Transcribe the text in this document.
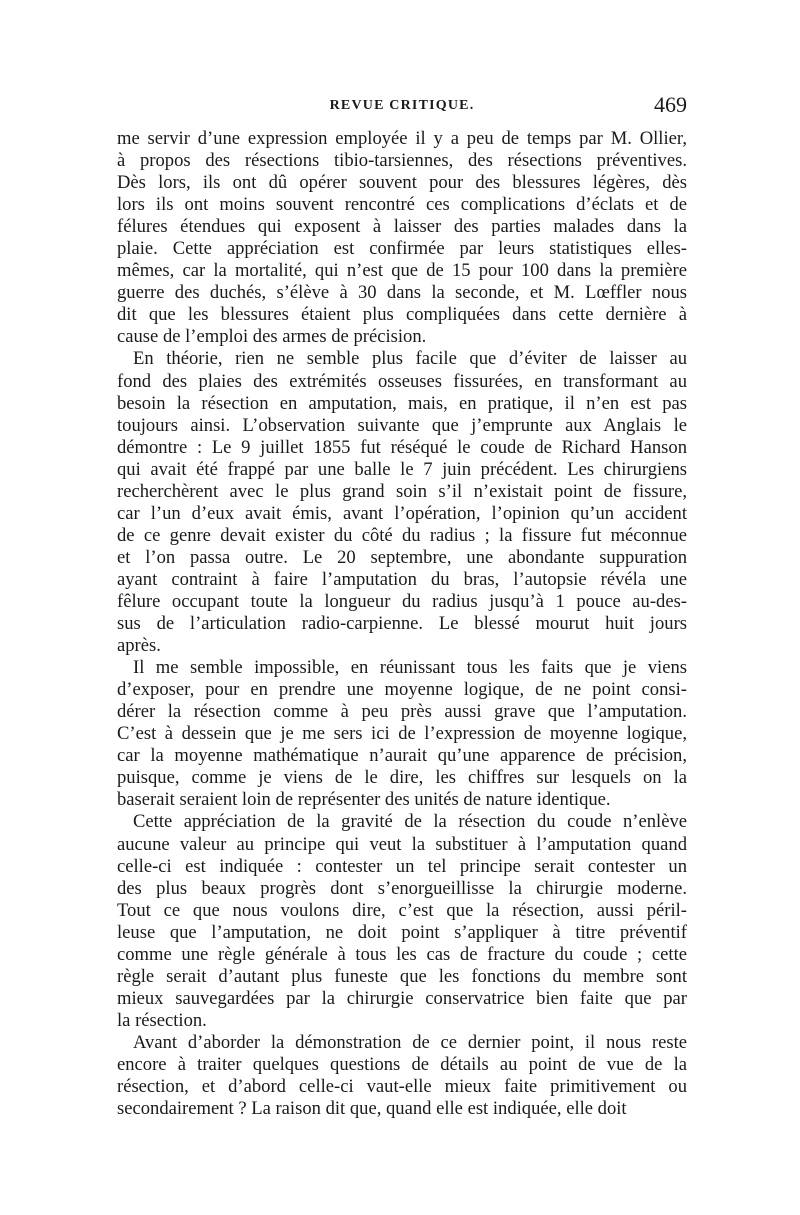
REVUE CRITIQUE.	469
me servir d’une expression employée il y a peu de temps par M. Ollier,
à propos des résections tibio-tarsiennes, des résections préventives.
Dès lors, ils ont dû opérer souvent pour des blessures légères, dès
lors ils ont moins souvent rencontré ces complications d’éclats et de
félures étendues qui exposent à laisser des parties malades dans la
plaie. Cette appréciation est confirmée par leurs statistiques elles-
mêmes, car la mortalité, qui n’est que de 15 pour 100 dans la première
guerre des duchés, s’élève à 30 dans la seconde, et M. Lœffler nous
dit que les blessures étaient plus compliquées dans cette dernière à
cause de l’emploi des armes de précision.
En théorie, rien ne semble plus facile que d’éviter de laisser au
fond des plaies des extrémités osseuses fissurées, en transformant au
besoin la résection en amputation, mais, en pratique, il n’en est pas
toujours ainsi. L’observation suivante que j’emprunte aux Anglais le
démontre : Le 9 juillet 1855 fut réséqué le coude de Richard Hanson
qui avait été frappé par une balle le 7 juin précédent. Les chirurgiens
recherchèrent avec le plus grand soin s’il n’existait point de fissure,
car l’un d’eux avait émis, avant l’opération, l’opinion qu’un accident
de ce genre devait exister du côté du radius ; la fissure fut méconnue
et l’on passa outre. Le 20 septembre, une abondante suppuration
ayant contraint à faire l’amputation du bras, l’autopsie révéla une
fêlure occupant toute la longueur du radius jusqu’à 1 pouce au-des-
sus de l’articulation radio-carpienne. Le blessé mourut huit jours
après.
Il me semble impossible, en réunissant tous les faits que je viens
d’exposer, pour en prendre une moyenne logique, de ne point consi-
dérer la résection comme à peu près aussi grave que l’amputation.
C’est à dessein que je me sers ici de l’expression de moyenne logique,
car la moyenne mathématique n’aurait qu’une apparence de précision,
puisque, comme je viens de le dire, les chiffres sur lesquels on la
baserait seraient loin de représenter des unités de nature identique.
Cette appréciation de la gravité de la résection du coude n’enlève
aucune valeur au principe qui veut la substituer à l’amputation quand
celle-ci est indiquée : contester un tel principe serait contester un
des plus beaux progrès dont s’enorgueillisse la chirurgie moderne.
Tout ce que nous voulons dire, c’est que la résection, aussi péril-
leuse que l’amputation, ne doit point s’appliquer à titre préventif
comme une règle générale à tous les cas de fracture du coude ; cette
règle serait d’autant plus funeste que les fonctions du membre sont
mieux sauvegardées par la chirurgie conservatrice bien faite que par
la résection.
Avant d’aborder la démonstration de ce dernier point, il nous reste
encore à traiter quelques questions de détails au point de vue de la
résection, et d’abord celle-ci vaut-elle mieux faite primitivement ou
secondairement ? La raison dit que, quand elle est indiquée, elle doit
